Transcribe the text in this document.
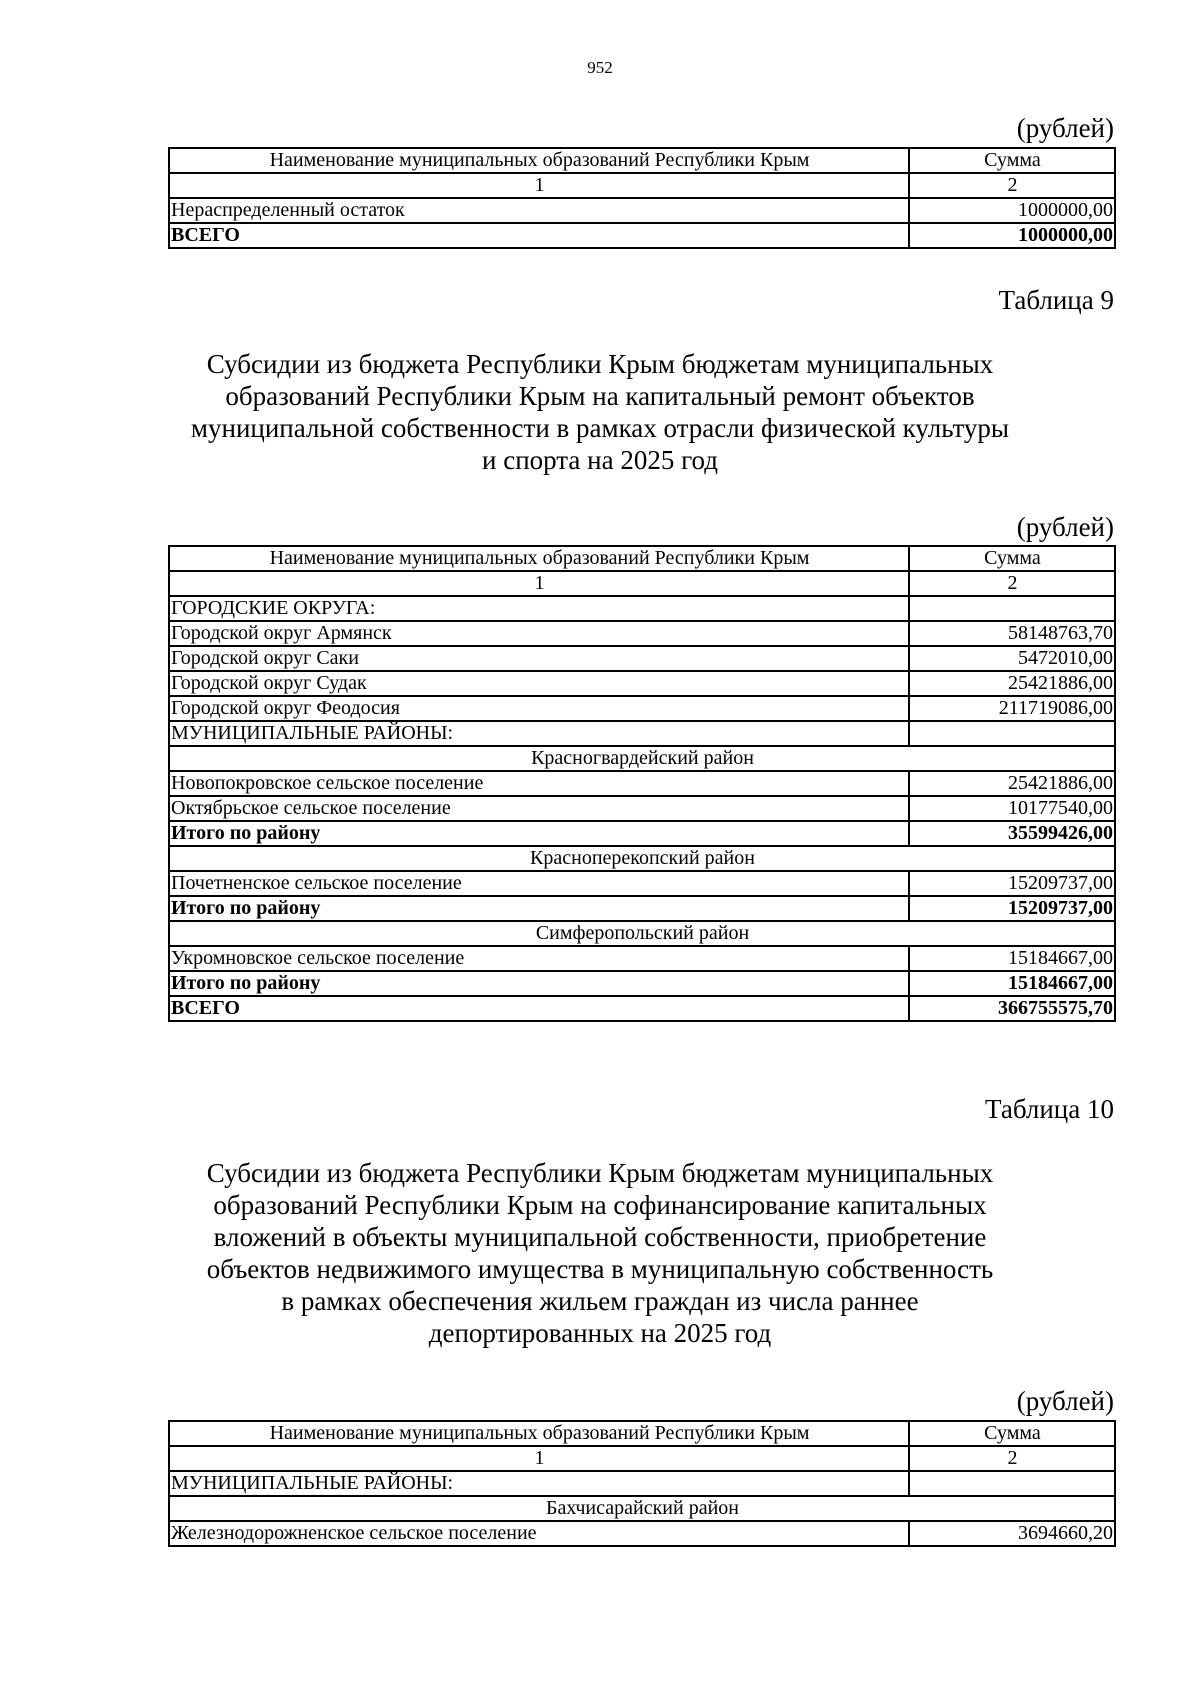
952
(рублей)
Наименование муниципальных образований Республики Крым	Сумма
1	2
Нераспределенный остаток	1000000,00
ВСЕГО	1000000,00
Таблица 9
Субсидии из бюджета Республики Крым бюджетам муниципальных
образований Республики Крым на капитальный ремонт объектов
муниципальной собственности в рамках отрасли физической культуры
и спорта на 2025 год
(рублей)
Наименование муниципальных образований Республики Крым	Сумма
1	2
ГОРОДСКИЕ ОКРУГА:	
Городской округ Армянск	58148763,70
Городской округ Саки	5472010,00
Городской округ Судак	25421886,00
Городской округ Феодосия	211719086,00
МУНИЦИПАЛЬНЫЕ РАЙОНЫ:	
Красногвардейский район	
Новопокровское сельское поселение	25421886,00
Октябрьское сельское поселение	10177540,00
Итого по району	35599426,00
Красноперекопский район	
Почетненское сельское поселение	15209737,00
Итого по району	15209737,00
Симферопольский район	
Укромновское сельское поселение	15184667,00
Итого по району	15184667,00
ВСЕГО	366755575,70
Таблица 10
Субсидии из бюджета Республики Крым бюджетам муниципальных
образований Республики Крым на софинансирование капитальных
вложений в объекты муниципальной собственности, приобретение
объектов недвижимого имущества в муниципальную собственность
в рамках обеспечения жильем граждан из числа раннее
депортированных на 2025 год
(рублей)
Наименование муниципальных образований Республики Крым	Сумма
1	2
МУНИЦИПАЛЬНЫЕ РАЙОНЫ:	
Бахчисарайский район	
Железнодорожненское сельское поселение	3694660,20
